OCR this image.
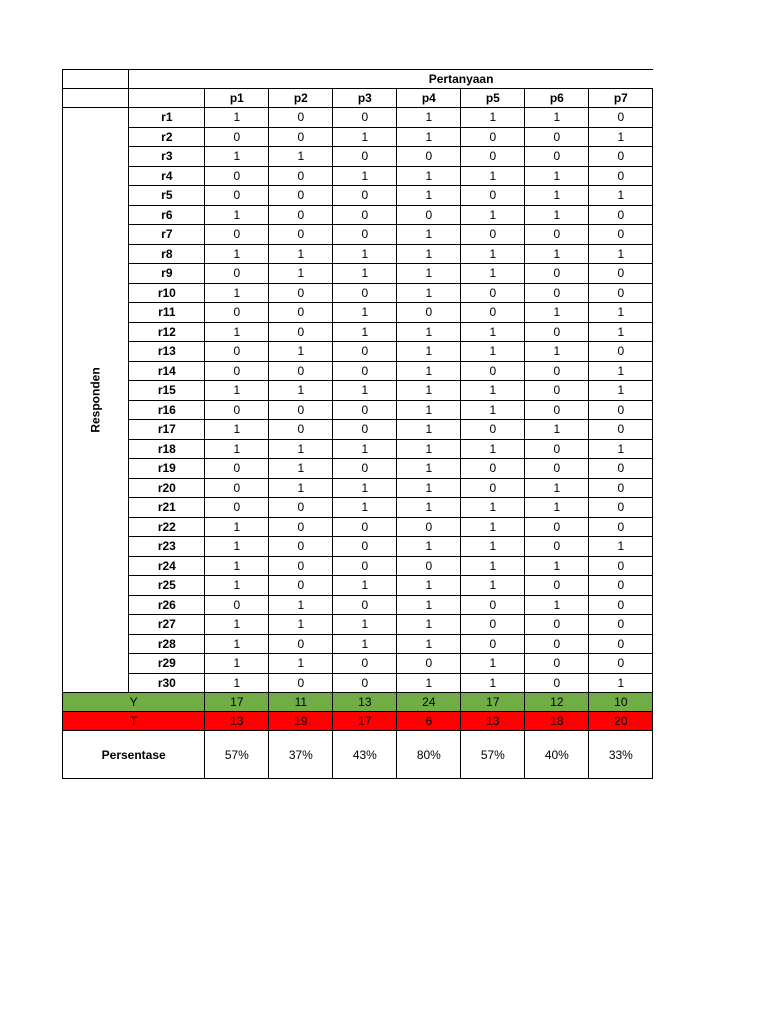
	Pertanyaan							
		p1	p2	p3	p4	p5	p6	p7
Responden	r1	1	0	0	1	1	1	0
	r2	0	0	1	1	0	0	1
	r3	1	1	0	0	0	0	0
	r4	0	0	1	1	1	1	0
	r5	0	0	0	1	0	1	1
	r6	1	0	0	0	1	1	0
	r7	0	0	0	1	0	0	0
	r8	1	1	1	1	1	1	1
	r9	0	1	1	1	1	0	0
	r10	1	0	0	1	0	0	0
	r11	0	0	1	0	0	1	1
	r12	1	0	1	1	1	0	1
	r13	0	1	0	1	1	1	0
	r14	0	0	0	1	0	0	1
	r15	1	1	1	1	1	0	1
	r16	0	0	0	1	1	0	0
	r17	1	0	0	1	0	1	0
	r18	1	1	1	1	1	0	1
	r19	0	1	0	1	0	0	0
	r20	0	1	1	1	0	1	0
	r21	0	0	1	1	1	1	0
	r22	1	0	0	0	1	0	0
	r23	1	0	0	1	1	0	1
	r24	1	0	0	0	1	1	0
	r25	1	0	1	1	1	0	0
	r26	0	1	0	1	0	1	0
	r27	1	1	1	1	0	0	0
	r28	1	0	1	1	0	0	0
	r29	1	1	0	0	1	0	0
	r30	1	0	0	1	1	0	1
Y		17	11	13	24	17	12	10
T		13	19	17	6	13	18	20
Persentase		57%	37%	43%	80%	57%	40%	33%
